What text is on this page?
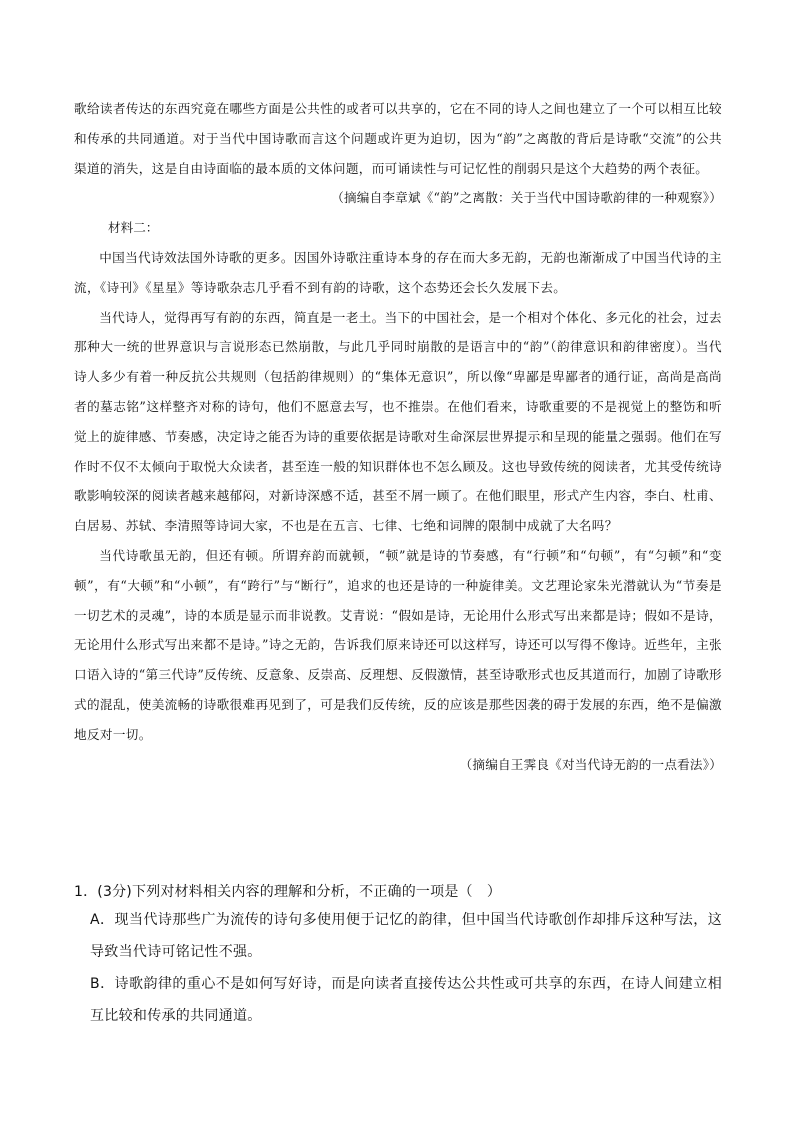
歌给读者传达的东西究竟在哪些方面是公共性的或者可以共享的，它在不同的诗人之间也建立了一个可以相互比较和传承的共同通道。对于当代中国诗歌而言这个问题或许更为迫切，因为“韵”之离散的背后是诗歌“交流”的公共渠道的消失，这是自由诗面临的最本质的文体问题，而可诵读性与可记忆性的削弱只是这个大趋势的两个表征。

（摘编自李章斌《“韵”之离散：关于当代中国诗歌韵律的一种观察》）

材料二：

中国当代诗效法国外诗歌的更多。因国外诗歌注重诗本身的存在而大多无韵，无韵也渐渐成了中国当代诗的主流，《诗刊》《星星》等诗歌杂志几乎看不到有韵的诗歌，这个态势还会长久发展下去。

当代诗人，觉得再写有韵的东西，简直是一老土。当下的中国社会，是一个相对个体化、多元化的社会，过去那种大一统的世界意识与言说形态已然崩散，与此几乎同时崩散的是语言中的“韵”（韵律意识和韵律密度）。当代诗人多少有着一种反抗公共规则（包括韵律规则）的“集体无意识”，所以像“卑鄙是卑鄙者的通行证，高尚是高尚者的墓志铭”这样整齐对称的诗句，他们不愿意去写，也不推崇。在他们看来，诗歌重要的不是视觉上的整饬和听觉上的旋律感、节奏感，决定诗之能否为诗的重要依据是诗歌对生命深层世界提示和呈现的能量之强弱。他们在写作时不仅不太倾向于取悦大众读者，甚至连一般的知识群体也不怎么顾及。这也导致传统的阅读者，尤其受传统诗歌影响较深的阅读者越来越郁闷，对新诗深感不适，甚至不屑一顾了。在他们眼里，形式产生内容，李白、杜甫、白居易、苏轼、李清照等诗词大家，不也是在五言、七律、七绝和词牌的限制中成就了大名吗？

当代诗歌虽无韵，但还有顿。所谓弃韵而就顿，“顿”就是诗的节奏感，有“行顿”和“句顿”，有“匀顿”和“变顿”，有“大顿”和“小顿”，有“跨行”与“断行”，追求的也还是诗的一种旋律美。文艺理论家朱光潜就认为“节奏是一切艺术的灵魂”，诗的本质是显示而非说教。艾青说：“假如是诗，无论用什么形式写出来都是诗；假如不是诗，无论用什么形式写出来都不是诗。”诗之无韵，告诉我们原来诗还可以这样写，诗还可以写得不像诗。近些年，主张口语入诗的“第三代诗”反传统、反意象、反崇高、反理想、反假激情，甚至诗歌形式也反其道而行，加剧了诗歌形式的混乱，使美流畅的诗歌很难再见到了，可是我们反传统，反的应该是那些因袭的碍于发展的东西，绝不是偏激地反对一切。

（摘编自王霁良《对当代诗无韵的一点看法》）

1．(3分)下列对材料相关内容的理解和分析，不正确的一项是（　）

A．现当代诗那些广为流传的诗句多使用便于记忆的韵律，但中国当代诗歌创作却排斥这种写法，这导致当代诗可铭记性不强。

B．诗歌韵律的重心不是如何写好诗，而是向读者直接传达公共性或可共享的东西，在诗人间建立相互比较和传承的共同通道。
